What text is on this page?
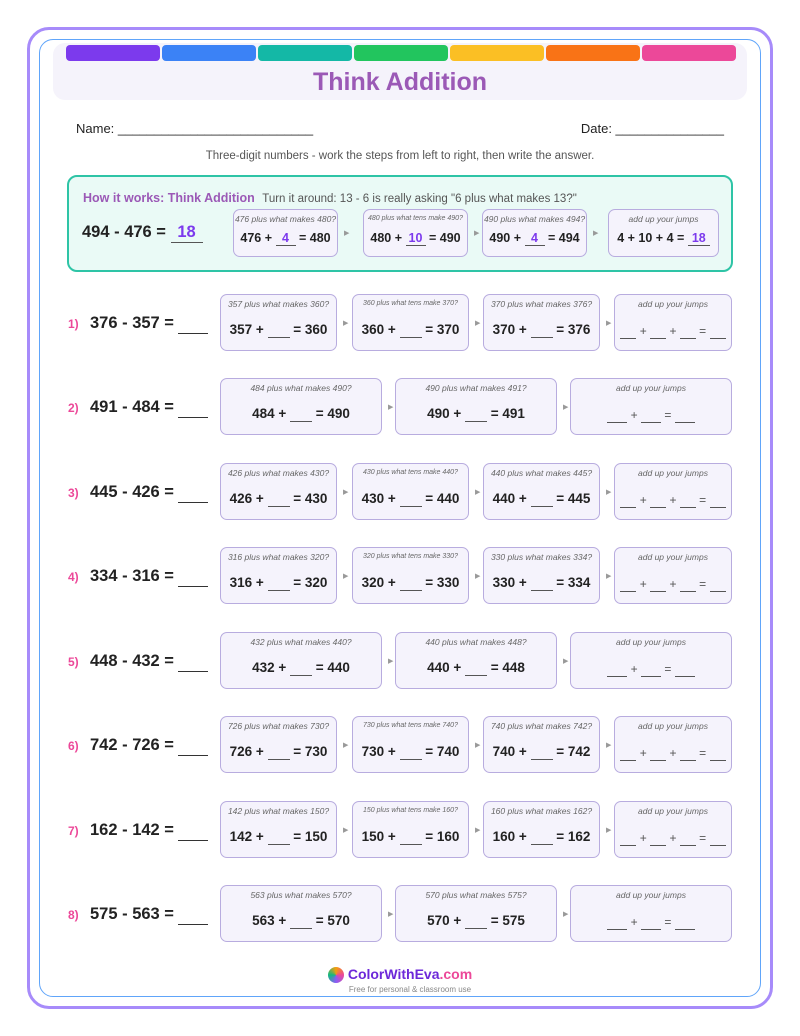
Think Addition
Name: ___________________________	Date: _______________
Three-digit numbers - work the steps from left to right, then write the answer.
How it works: Think Addition Turn it around: 13 - 6 is really asking "6 plus what makes 13?"
494 - 476 = 18
1) 376 - 357 =
357 plus what makes 360?
357 +   = 360	▶
360 plus what tens make 370?
360 +   = 370	▶
370 plus what makes 376?
370 +   = 376	▶
add up your jumps
+   +   =
2) 491 - 484 =
484 plus what makes 490?
484 +   = 490	▶
490 plus what makes 491?
490 +   = 491	▶
add up your jumps
+   =
3) 445 - 426 =
426 plus what makes 430?
426 +   = 430	▶
430 plus what tens make 440?
430 +   = 440	▶
440 plus what makes 445?
440 +   = 445	▶
add up your jumps
+   +   =
4) 334 - 316 =
316 plus what makes 320?
316 +   = 320	▶
320 plus what tens make 330?
320 +   = 330	▶
330 plus what makes 334?
330 +   = 334	▶
add up your jumps
+   +   =
5) 448 - 432 =
432 plus what makes 440?
432 +   = 440	▶
440 plus what makes 448?
440 +   = 448	▶
add up your jumps
+   =
6) 742 - 726 =
726 plus what makes 730?
726 +   = 730	▶
730 plus what tens make 740?
730 +   = 740	▶
740 plus what makes 742?
740 +   = 742	▶
add up your jumps
+   +   =
7) 162 - 142 =
142 plus what makes 150?
142 +   = 150	▶
150 plus what tens make 160?
150 +   = 160	▶
160 plus what makes 162?
160 +   = 162	▶
add up your jumps
+   +   =
8) 575 - 563 =
563 plus what makes 570?
563 +   = 570	▶
570 plus what makes 575?
570 +   = 575	▶
add up your jumps
+   =
ColorWithEva.com
Free for personal & classroom use
476 plus what makes 480?
476 + 4 = 480	▶
480 plus what tens make 490?
480 + 10 = 490	▶
490 plus what makes 494?
490 + 4 = 494	▶
add up your jumps
4 + 10 + 4 = 18
